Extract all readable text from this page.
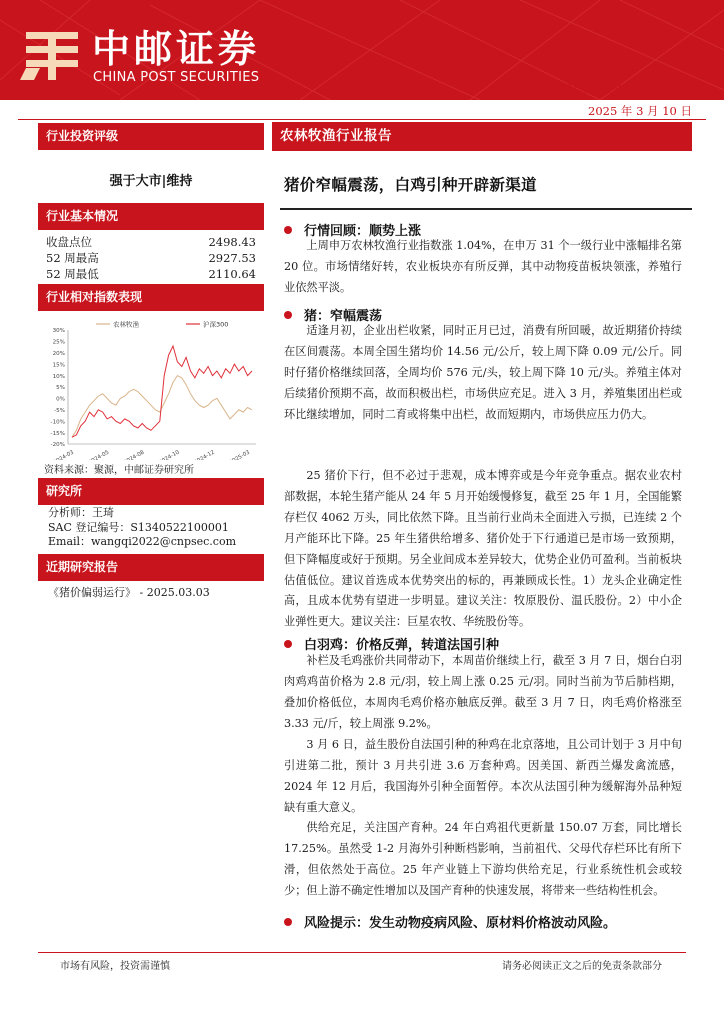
中邮证券
CHINA POST SECURITIES
证券研究报告：农林牧渔|行业周报
2025 年 3 月 10 日
行业投资评级
强于大市|维持
行业基本情况
收盘点位	2498.43
52 周最高	2927.53
52 周最低	2110.64
行业相对指数表现
30%
25%
20%
15%
10%
5%
0%
-5%
-10%
-15%
-20%
2024-03 2024-05 2024-08 2024-10 2024-12 2025-03
农林牧渔	沪深300
资料来源：聚源，中邮证券研究所
研究所
分析师：王琦
SAC 登记编号：S1340522100001
Email：wangqi2022@cnpsec.com
近期研究报告
《猪价偏弱运行》 - 2025.03.03
农林牧渔行业报告
猪价窄幅震荡，白鸡引种开辟新渠道
行情回顾：顺势上涨
上周申万农林牧渔行业指数涨 1.04%，在申万 31 个一级行业中涨幅排名第 20 位。市场情绪好转，农业板块亦有所反弹，其中动物疫苗板块领涨，养殖行业依然平淡。
猪：窄幅震荡
适逢月初，企业出栏收紧，同时正月已过，消费有所回暖，故近期猪价持续在区间震荡。本周全国生猪均价 14.56 元/公斤，较上周下降 0.09 元/公斤。同时仔猪价格继续回落，全周均价 576 元/头，较上周下降 10 元/头。养殖主体对后续猪价预期不高，故而积极出栏，市场供应充足。进入 3 月，养殖集团出栏或环比继续增加，同时二育或将集中出栏，故而短期内，市场供应压力仍大。
25 猪价下行，但不必过于悲观，成本博弈或是今年竞争重点。据农业农村部数据，本轮生猪产能从 24 年 5 月开始缓慢修复，截至 25 年 1 月，全国能繁存栏仅 4062 万头，同比依然下降。且当前行业尚未全面进入亏损，已连续 2 个月产能环比下降。25 年生猪供给增多、猪价处于下行通道已是市场一致预期，但下降幅度或好于预期。另全业间成本差异较大，优势企业仍可盈利。当前板块估值低位。建议首选成本优势突出的标的，再兼顾成长性。1）龙头企业确定性高，且成本优势有望进一步明显。建议关注：牧原股份、温氏股份。2）中小企业弹性更大。建议关注：巨星农牧、华统股份等。
白羽鸡：价格反弹，转道法国引种
补栏及毛鸡涨价共同带动下，本周苗价继续上行，截至 3 月 7 日，烟台白羽肉鸡鸡苗价格为 2.8 元/羽，较上周上涨 0.25 元/羽。同时当前为节后肺档期，叠加价格低位，本周肉毛鸡价格亦触底反弹。截至 3 月 7 日，肉毛鸡价格涨至 3.33 元/斤，较上周涨 9.2%。
3 月 6 日，益生股份自法国引种的种鸡在北京落地，且公司计划于 3 月中旬引进第二批，预计 3 月共引进 3.6 万套种鸡。因美国、新西兰爆发禽流感，2024 年 12 月后，我国海外引种全面暂停。本次从法国引种为缓解海外品种短缺有重大意义。
供给充足，关注国产育种。24 年白鸡祖代更新量 150.07 万套，同比增长 17.25%。虽然受 1-2 月海外引种断档影响，当前祖代、父母代存栏环比有所下滑，但依然处于高位。25 年产业链上下游均供给充足，行业系统性机会或较少；但上游不确定性增加以及国产育种的快速发展，将带来一些结构性机会。
风险提示：发生动物疫病风险、原材料价格波动风险。
市场有风险，投资需谨慎	请务必阅读正文之后的免责条款部分
